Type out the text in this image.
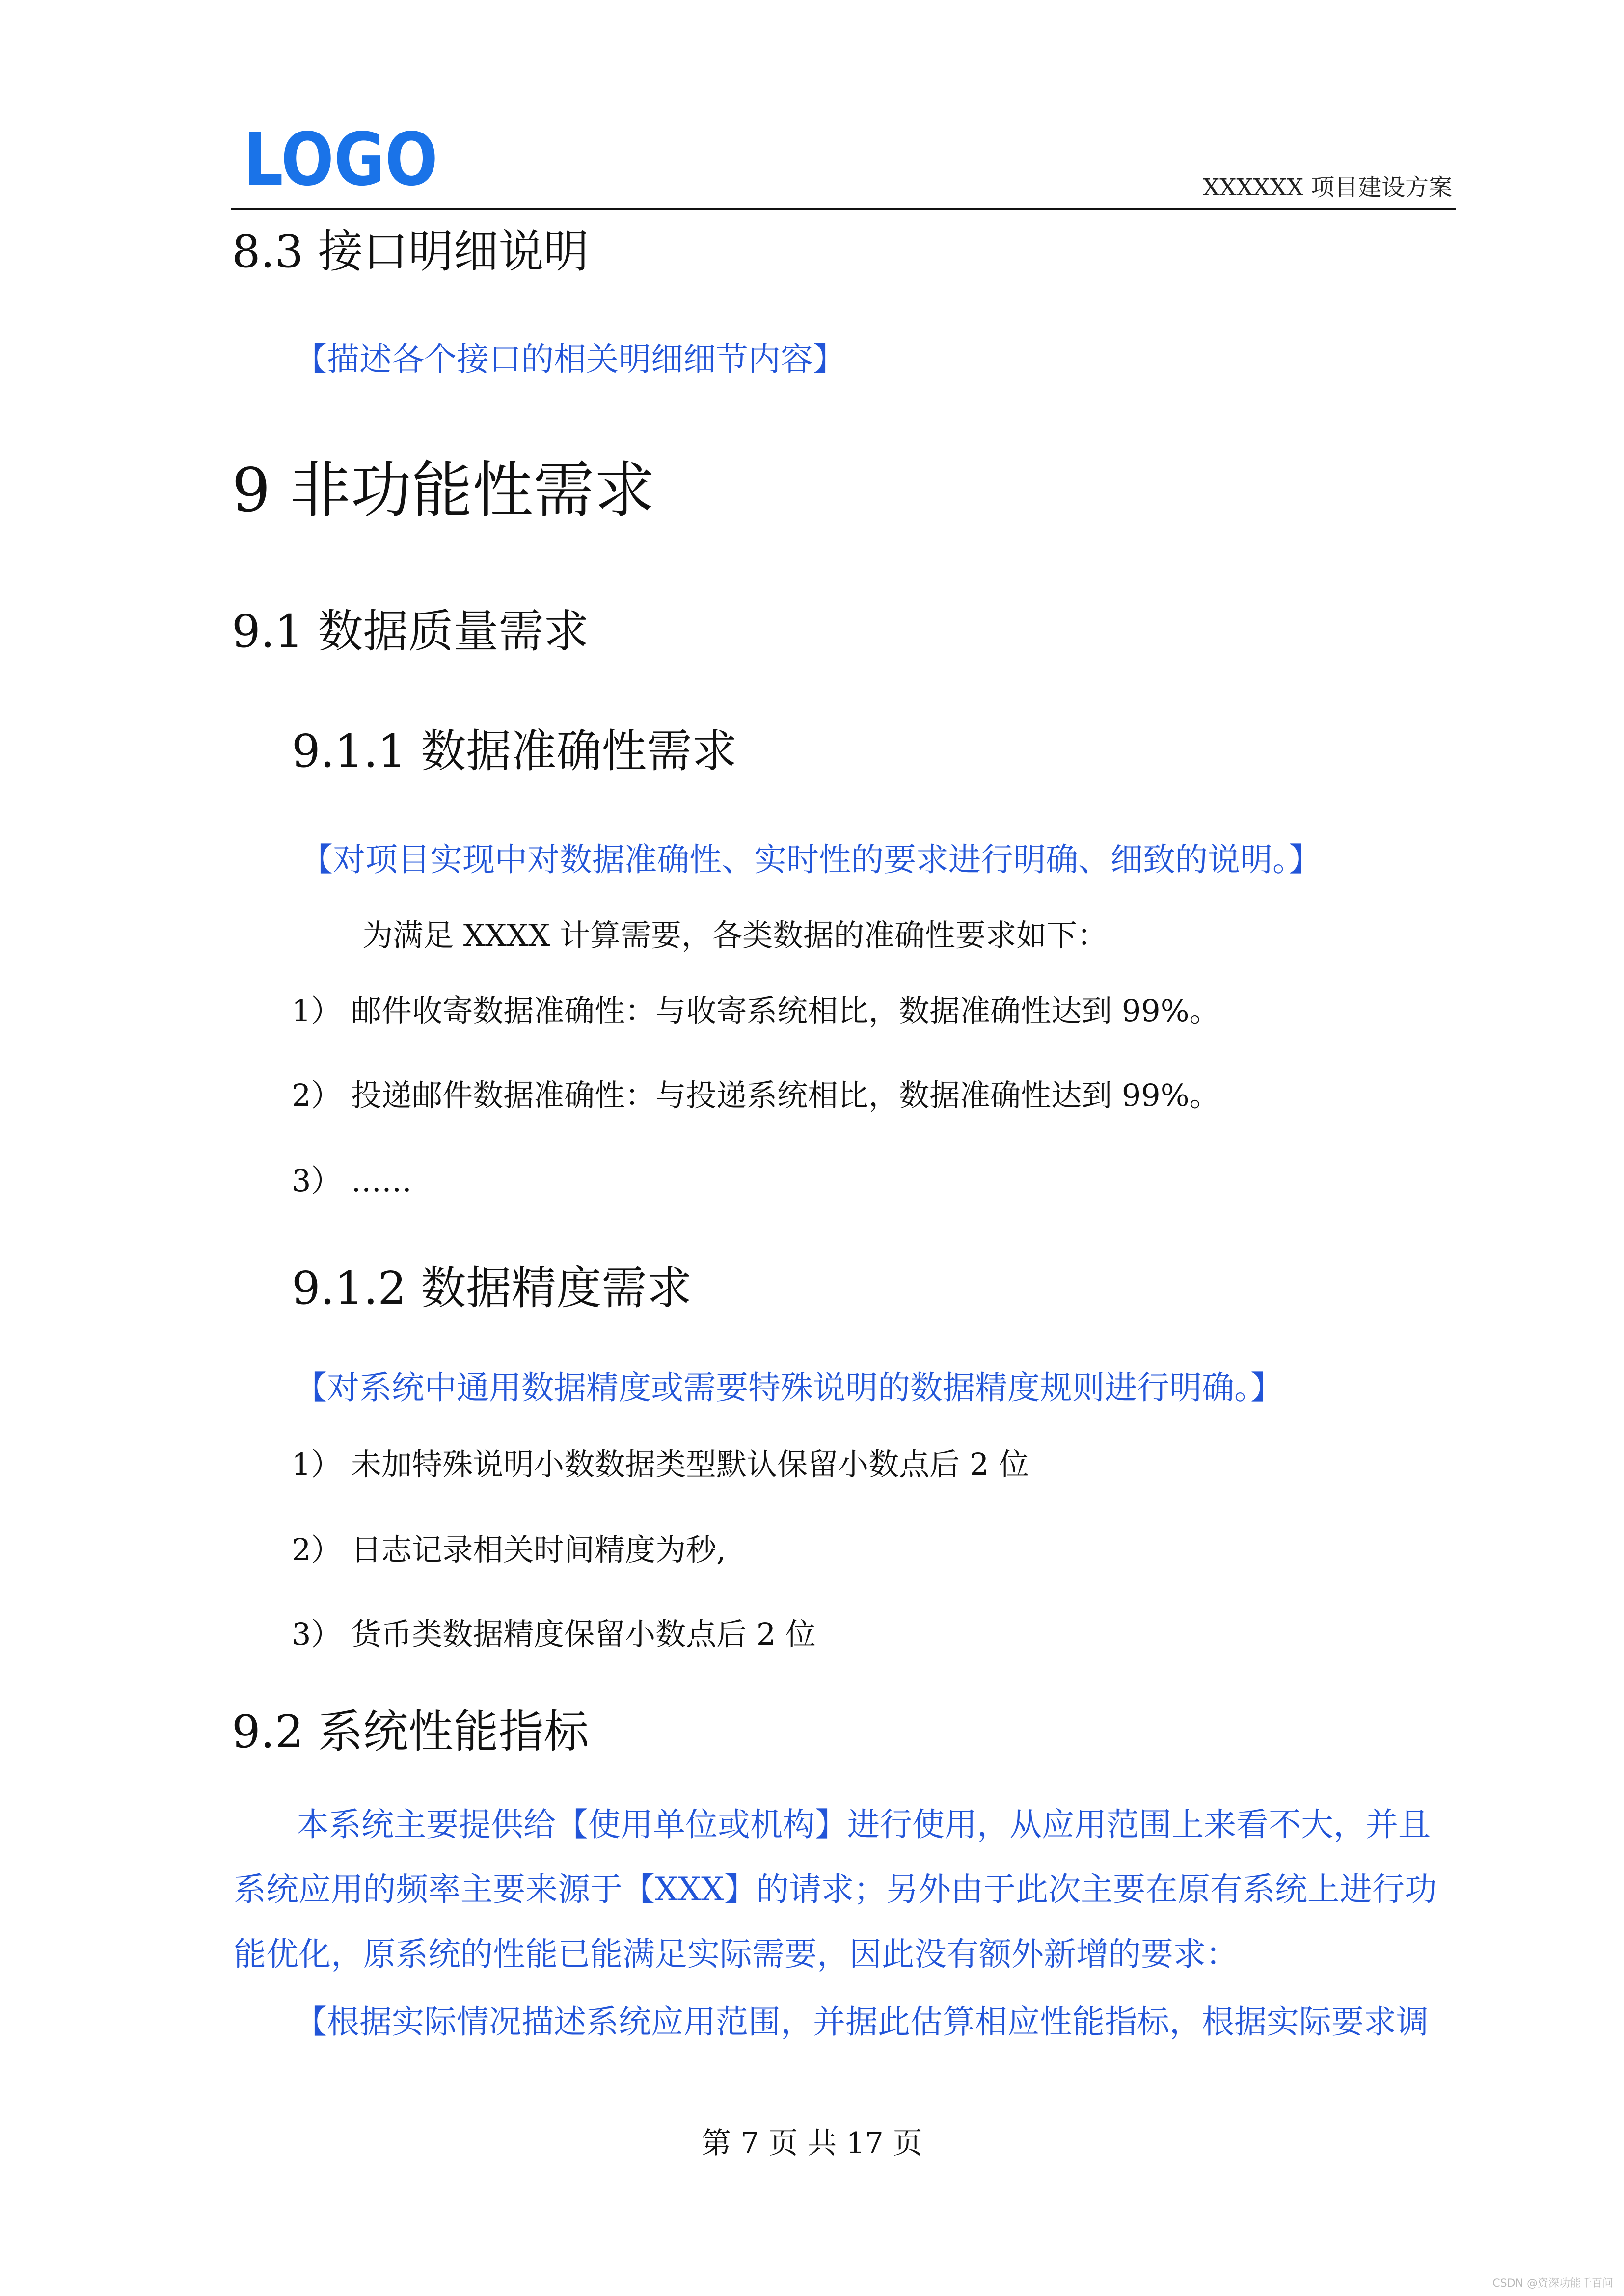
LOGO	XXXXXX 项目建设方案
8.3 接口明细说明
【描述各个接口的相关明细细节内容】
9 非功能性需求
9.1 数据质量需求
9.1.1 数据准确性需求
【对项目实现中对数据准确性、实时性的要求进行明确、细致的说明。】
为满足 XXXX 计算需要，各类数据的准确性要求如下：
1） 邮件收寄数据准确性：与收寄系统相比，数据准确性达到 99%。
2） 投递邮件数据准确性：与投递系统相比，数据准确性达到 99%。
3） ……
9.1.2 数据精度需求
【对系统中通用数据精度或需要特殊说明的数据精度规则进行明确。】
1） 未加特殊说明小数数据类型默认保留小数点后 2 位
2） 日志记录相关时间精度为秒,
3） 货币类数据精度保留小数点后 2 位
9.2 系统性能指标
本系统主要提供给【使用单位或机构】进行使用，从应用范围上来看不大，并且
系统应用的频率主要来源于【XXX】的请求；另外由于此次主要在原有系统上进行功
能优化，原系统的性能已能满足实际需要，因此没有额外新增的要求：
【根据实际情况描述系统应用范围，并据此估算相应性能指标，根据实际要求调
第 7 页 共 17 页
CSDN @资深功能千百问
